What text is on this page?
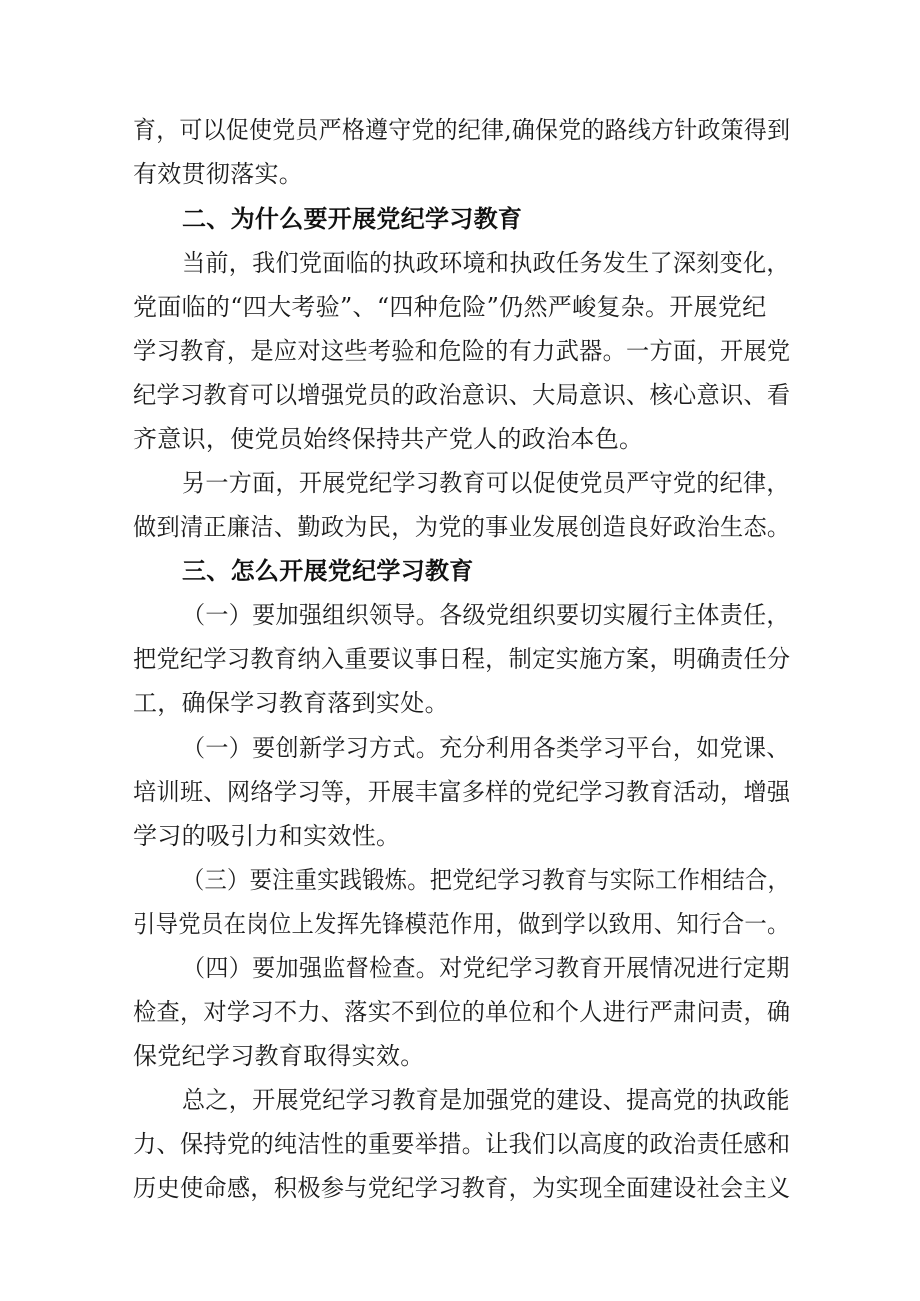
育，可以促使党员严格遵守党的纪律,确保党的路线方针政策得到
有效贯彻落实。
二、为什么要开展党纪学习教育
当前，我们党面临的执政环境和执政任务发生了深刻变化，
党面临的“四大考验”、“四种危险”仍然严峻复杂。开展党纪
学习教育，是应对这些考验和危险的有力武器。一方面，开展党
纪学习教育可以增强党员的政治意识、大局意识、核心意识、看
齐意识，使党员始终保持共产党人的政治本色。
另一方面，开展党纪学习教育可以促使党员严守党的纪律，
做到清正廉洁、勤政为民，为党的事业发展创造良好政治生态。
三、怎么开展党纪学习教育
（一）要加强组织领导。各级党组织要切实履行主体责任，
把党纪学习教育纳入重要议事日程，制定实施方案，明确责任分
工，确保学习教育落到实处。
（一）要创新学习方式。充分利用各类学习平台，如党课、
培训班、网络学习等，开展丰富多样的党纪学习教育活动，增强
学习的吸引力和实效性。
（三）要注重实践锻炼。把党纪学习教育与实际工作相结合，
引导党员在岗位上发挥先锋模范作用，做到学以致用、知行合一。
（四）要加强监督检查。对党纪学习教育开展情况进行定期
检查，对学习不力、落实不到位的单位和个人进行严肃问责，确
保党纪学习教育取得实效。
总之，开展党纪学习教育是加强党的建设、提高党的执政能
力、保持党的纯洁性的重要举措。让我们以高度的政治责任感和
历史使命感，积极参与党纪学习教育，为实现全面建设社会主义
